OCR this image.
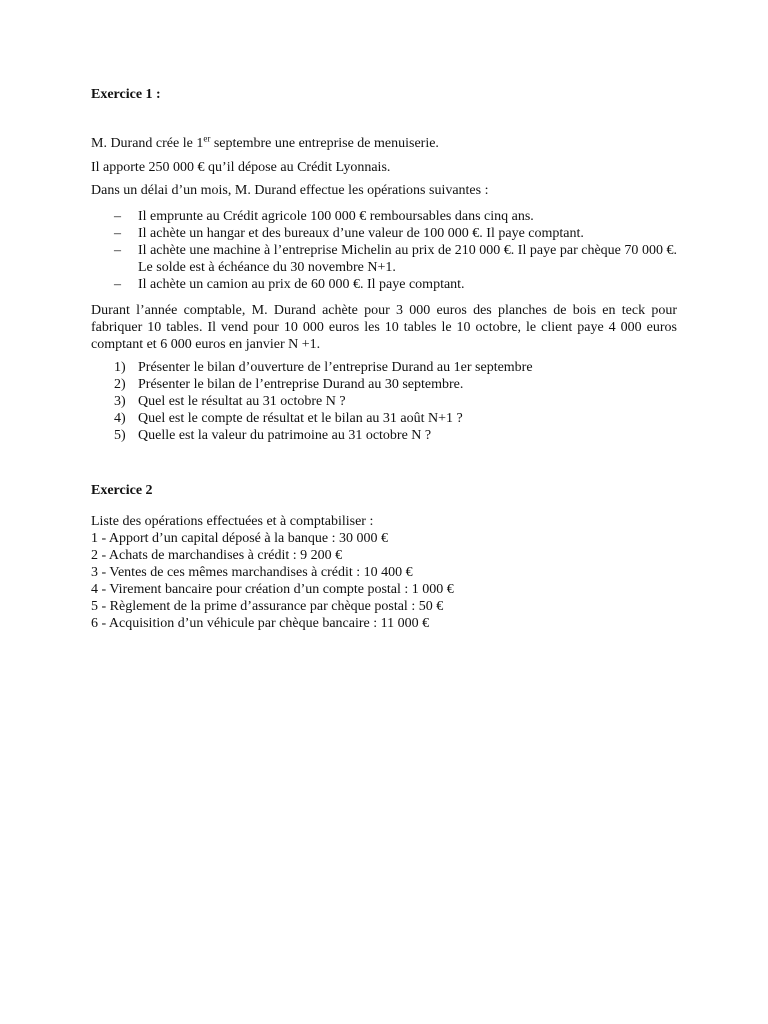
Exercice 1 :
M. Durand crée le 1er septembre une entreprise de menuiserie.
Il apporte 250 000 € qu’il dépose au Crédit Lyonnais.
Dans un délai d’un mois, M. Durand effectue les opérations suivantes :
– Il emprunte au Crédit agricole 100 000 € remboursables dans cinq ans.
– Il achète un hangar et des bureaux d’une valeur de 100 000 €. Il paye comptant.
– Il achète une machine à l’entreprise Michelin au prix de 210 000 €. Il paye par chèque 70 000 €. Le solde est à échéance du 30 novembre N+1.
– Il achète un camion au prix de 60 000 €. Il paye comptant.
Durant l’année comptable, M. Durand achète pour 3 000 euros des planches de bois en teck pour fabriquer 10 tables. Il vend pour 10 000 euros les 10 tables le 10 octobre, le client paye 4 000 euros comptant et 6 000 euros en janvier N +1.
1) Présenter le bilan d’ouverture de l’entreprise Durand au 1er septembre
2) Présenter le bilan de l’entreprise Durand au 30 septembre.
3) Quel est le résultat au 31 octobre N ?
4) Quel est le compte de résultat et le bilan au 31 août N+1 ?
5) Quelle est la valeur du patrimoine au 31 octobre N ?
Exercice 2
Liste des opérations effectuées et à comptabiliser :
1 - Apport d’un capital déposé à la banque : 30 000 €
2 - Achats de marchandises à crédit : 9 200 €
3 - Ventes de ces mêmes marchandises à crédit : 10 400 €
4 - Virement bancaire pour création d’un compte postal : 1 000 €
5 - Règlement de la prime d’assurance par chèque postal : 50 €
6 - Acquisition d’un véhicule par chèque bancaire : 11 000 €
